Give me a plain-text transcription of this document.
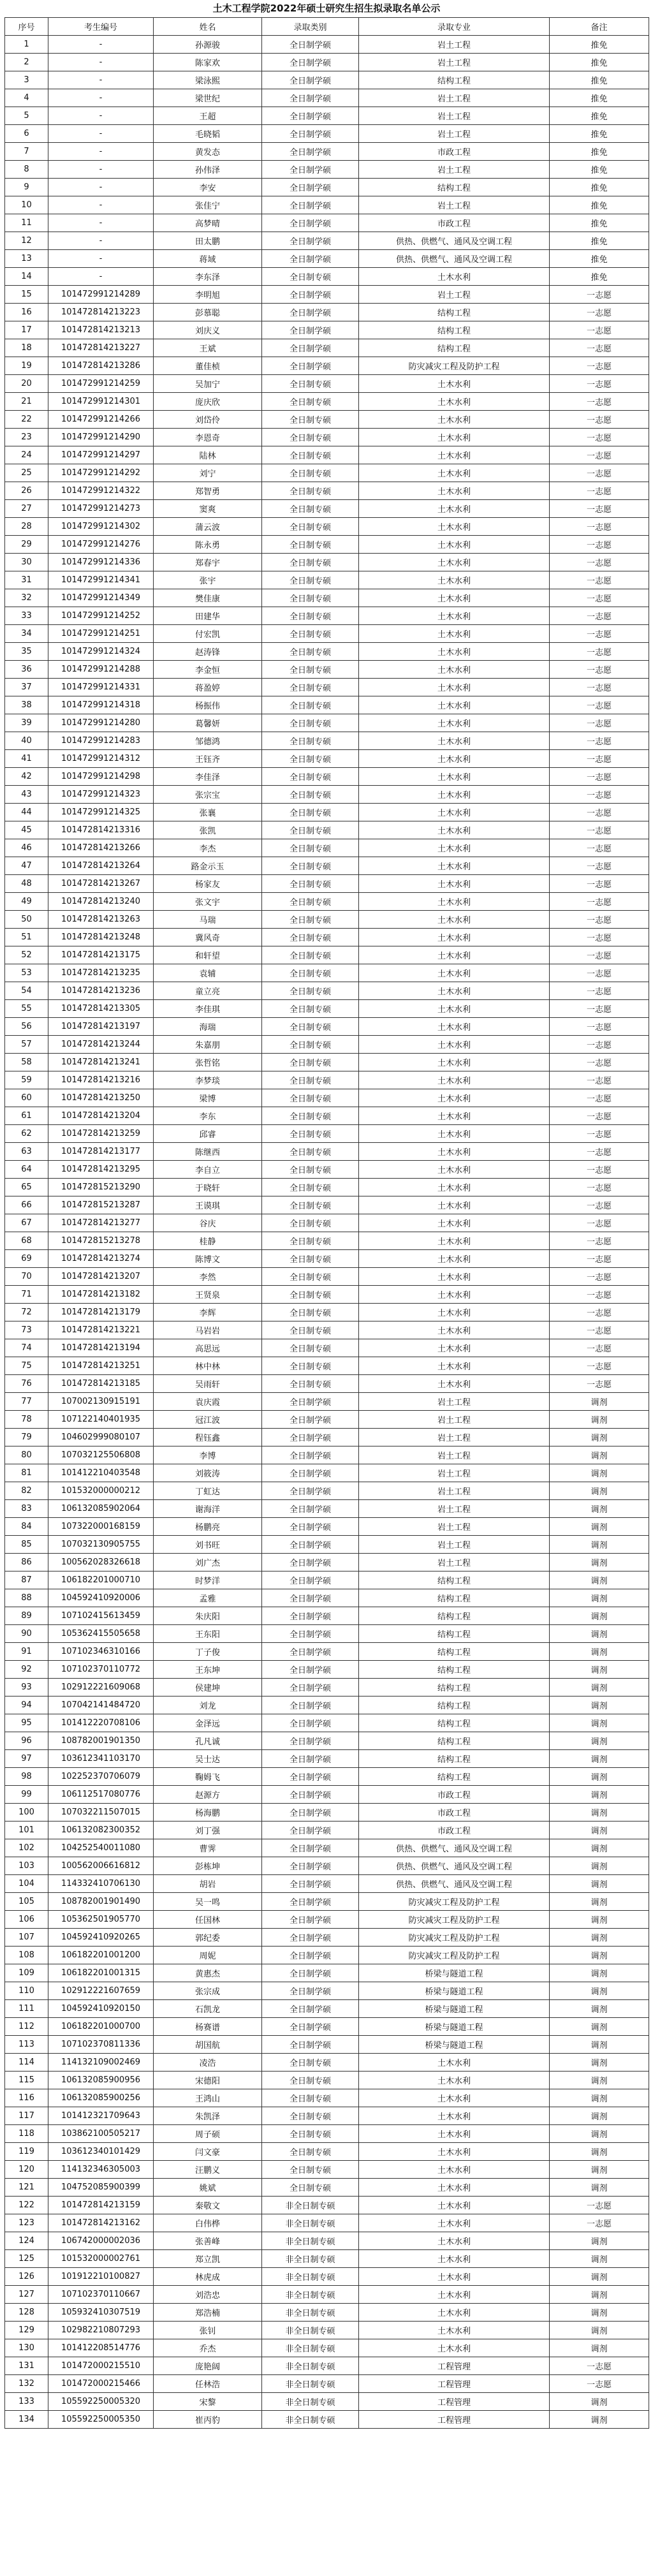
土木工程学院2022年硕士研究生招生拟录取名单公示
序号	考生编号	姓名	录取类别	录取专业	备注
1	-	孙源骏	全日制学硕	岩土工程	推免
2	-	陈家欢	全日制学硕	岩土工程	推免
3	-	梁泳熙	全日制学硕	结构工程	推免
4	-	梁世纪	全日制学硕	岩土工程	推免
5	-	王超	全日制学硕	岩土工程	推免
6	-	毛晓韬	全日制学硕	岩土工程	推免
7	-	黄发态	全日制学硕	市政工程	推免
8	-	孙伟泽	全日制学硕	岩土工程	推免
9	-	李安	全日制学硕	结构工程	推免
10	-	张佳宁	全日制学硕	岩土工程	推免
11	-	高梦晴	全日制学硕	市政工程	推免
12	-	田太鹏	全日制学硕	供热、供燃气、通风及空调工程	推免
13	-	蒋域	全日制学硕	供热、供燃气、通风及空调工程	推免
14	-	李东泽	全日制专硕	土木水利	推免
15	101472991214289	李明旭	全日制学硕	岩土工程	一志愿
16	101472814213223	彭慕聪	全日制学硕	结构工程	一志愿
17	101472814213213	刘庆义	全日制学硕	结构工程	一志愿
18	101472814213227	王斌	全日制学硕	结构工程	一志愿
19	101472814213286	董佳桢	全日制学硕	防灾减灾工程及防护工程	一志愿
20	101472991214259	吴加宁	全日制专硕	土木水利	一志愿
21	101472991214301	庞庆欣	全日制专硕	土木水利	一志愿
22	101472991214266	刘岱伶	全日制专硕	土木水利	一志愿
23	101472991214290	李恩奇	全日制专硕	土木水利	一志愿
24	101472991214297	陆林	全日制专硕	土木水利	一志愿
25	101472991214292	刘宁	全日制专硕	土木水利	一志愿
26	101472991214322	郑智勇	全日制专硕	土木水利	一志愿
27	101472991214273	窦爽	全日制专硕	土木水利	一志愿
28	101472991214302	蒲云波	全日制专硕	土木水利	一志愿
29	101472991214276	陈永勇	全日制专硕	土木水利	一志愿
30	101472991214336	郑春宇	全日制专硕	土木水利	一志愿
31	101472991214341	张宇	全日制专硕	土木水利	一志愿
32	101472991214349	樊佳康	全日制专硕	土木水利	一志愿
33	101472991214252	田建华	全日制专硕	土木水利	一志愿
34	101472991214251	付宏凯	全日制专硕	土木水利	一志愿
35	101472991214324	赵涛锋	全日制专硕	土木水利	一志愿
36	101472991214288	李金恒	全日制专硕	土木水利	一志愿
37	101472991214331	蒋盈婷	全日制专硕	土木水利	一志愿
38	101472991214318	杨振伟	全日制专硕	土木水利	一志愿
39	101472991214280	葛馨妍	全日制专硕	土木水利	一志愿
40	101472991214283	邹德鸿	全日制专硕	土木水利	一志愿
41	101472991214312	王钰齐	全日制专硕	土木水利	一志愿
42	101472991214298	李佳泽	全日制专硕	土木水利	一志愿
43	101472991214323	张宗宝	全日制专硕	土木水利	一志愿
44	101472991214325	张襄	全日制专硕	土木水利	一志愿
45	101472814213316	张凯	全日制专硕	土木水利	一志愿
46	101472814213266	李杰	全日制专硕	土木水利	一志愿
47	101472814213264	路金示玉	全日制专硕	土木水利	一志愿
48	101472814213267	杨家友	全日制专硕	土木水利	一志愿
49	101472814213240	张文宇	全日制专硕	土木水利	一志愿
50	101472814213263	马瑞	全日制专硕	土木水利	一志愿
51	101472814213248	冀风奇	全日制专硕	土木水利	一志愿
52	101472814213175	和轩望	全日制专硕	土木水利	一志愿
53	101472814213235	袁辅	全日制专硕	土木水利	一志愿
54	101472814213236	童立亮	全日制专硕	土木水利	一志愿
55	101472814213305	李佳琪	全日制专硕	土木水利	一志愿
56	101472814213197	海瑞	全日制专硕	土木水利	一志愿
57	101472814213244	朱嘉朋	全日制专硕	土木水利	一志愿
58	101472814213241	张哲铭	全日制专硕	土木水利	一志愿
59	101472814213216	李梦琰	全日制专硕	土木水利	一志愿
60	101472814213250	梁博	全日制专硕	土木水利	一志愿
61	101472814213204	李东	全日制专硕	土木水利	一志愿
62	101472814213259	邱睿	全日制专硕	土木水利	一志愿
63	101472814213177	陈继西	全日制专硕	土木水利	一志愿
64	101472814213295	李自立	全日制专硕	土木水利	一志愿
65	101472815213290	于晓轩	全日制专硕	土木水利	一志愿
66	101472815213287	王谟琪	全日制专硕	土木水利	一志愿
67	101472814213277	谷庆	全日制专硕	土木水利	一志愿
68	101472815213278	桂静	全日制专硕	土木水利	一志愿
69	101472814213274	陈博文	全日制专硕	土木水利	一志愿
70	101472814213207	李然	全日制专硕	土木水利	一志愿
71	101472814213182	王贤泉	全日制专硕	土木水利	一志愿
72	101472814213179	李辉	全日制专硕	土木水利	一志愿
73	101472814213221	马岩岩	全日制专硕	土木水利	一志愿
74	101472814213194	高思远	全日制专硕	土木水利	一志愿
75	101472814213251	林中林	全日制专硕	土木水利	一志愿
76	101472814213185	吴雨轩	全日制专硕	土木水利	一志愿
77	107002130915191	袁庆霞	全日制学硕	岩土工程	调剂
78	107122140401935	冠江波	全日制学硕	岩土工程	调剂
79	104602999080107	程钰鑫	全日制学硕	岩土工程	调剂
80	107032125506808	李博	全日制学硕	岩土工程	调剂
81	101412210403548	刘筱涛	全日制学硕	岩土工程	调剂
82	101532000000212	丁虹达	全日制学硕	岩土工程	调剂
83	106132085902064	谢海洋	全日制学硕	岩土工程	调剂
84	107322000168159	杨鹏亮	全日制学硕	岩土工程	调剂
85	107032130905755	刘书旺	全日制学硕	岩土工程	调剂
86	100562028326618	刘广杰	全日制学硕	岩土工程	调剂
87	106182201000710	时梦洋	全日制学硕	结构工程	调剂
88	104592410920006	孟雅	全日制学硕	结构工程	调剂
89	107102415613459	朱庆阳	全日制学硕	结构工程	调剂
90	105362415505658	王东阳	全日制学硕	结构工程	调剂
91	107102346310166	丁子俊	全日制学硕	结构工程	调剂
92	107102370110772	王东坤	全日制学硕	结构工程	调剂
93	102912221609068	侯建坤	全日制学硕	结构工程	调剂
94	107042141484720	刘龙	全日制学硕	结构工程	调剂
95	101412220708106	金泽远	全日制学硕	结构工程	调剂
96	108782001901350	孔凡诚	全日制学硕	结构工程	调剂
97	103612341103170	吴士达	全日制学硕	结构工程	调剂
98	102252370706079	鞠姆飞	全日制学硕	结构工程	调剂
99	106112517080776	赵源方	全日制学硕	市政工程	调剂
100	107032211507015	杨海鹏	全日制学硕	市政工程	调剂
101	106132082300352	刘丁强	全日制学硕	市政工程	调剂
102	104252540011080	曹霁	全日制学硕	供热、供燃气、通风及空调工程	调剂
103	100562006616812	彭栋坤	全日制学硕	供热、供燃气、通风及空调工程	调剂
104	114332410706130	胡岩	全日制学硕	供热、供燃气、通风及空调工程	调剂
105	108782001901490	吴一鸣	全日制学硕	防灾减灾工程及防护工程	调剂
106	105362501905770	任国林	全日制学硕	防灾减灾工程及防护工程	调剂
107	104592410920265	郭纪委	全日制学硕	防灾减灾工程及防护工程	调剂
108	106182201001200	周妮	全日制学硕	防灾减灾工程及防护工程	调剂
109	106182201001315	黄惠杰	全日制学硕	桥梁与隧道工程	调剂
110	102912221607659	张宗成	全日制学硕	桥梁与隧道工程	调剂
111	104592410920150	石凯龙	全日制学硕	桥梁与隧道工程	调剂
112	106182201000700	杨赛谱	全日制学硕	桥梁与隧道工程	调剂
113	107102370811336	胡国航	全日制学硕	桥梁与隧道工程	调剂
114	114132109002469	凌浩	全日制专硕	土木水利	调剂
115	106132085900956	宋德阳	全日制专硕	土木水利	调剂
116	106132085900256	王鸿山	全日制专硕	土木水利	调剂
117	101412321709643	朱凯泽	全日制专硕	土木水利	调剂
118	103862100505217	周子硕	全日制专硕	土木水利	调剂
119	103612340101429	闫文豪	全日制专硕	土木水利	调剂
120	114132346305003	汪鹏义	全日制专硕	土木水利	调剂
121	104752085900399	姚斌	全日制专硕	土木水利	调剂
122	101472814213159	秦敬文	非全日制专硕	土木水利	一志愿
123	101472814213162	白伟桦	非全日制专硕	土木水利	一志愿
124	106742000002036	张善峰	非全日制专硕	土木水利	调剂
125	101532000002761	郑立凯	非全日制专硕	土木水利	调剂
126	101912210100827	林虎成	非全日制专硕	土木水利	调剂
127	107102370110667	刘浩忠	非全日制专硕	土木水利	调剂
128	105932410307519	郑浩楠	非全日制专硕	土木水利	调剂
129	102982210807293	张钊	非全日制专硕	土木水利	调剂
130	101412208514776	乔杰	非全日制专硕	土木水利	调剂
131	101472000215510	庞艳阔	非全日制专硕	工程管理	一志愿
132	101472000215466	任林浩	非全日制专硕	工程管理	一志愿
133	105592250005320	宋黎	非全日制专硕	工程管理	调剂
134	105592250005350	崔丙豹	非全日制专硕	工程管理	调剂
